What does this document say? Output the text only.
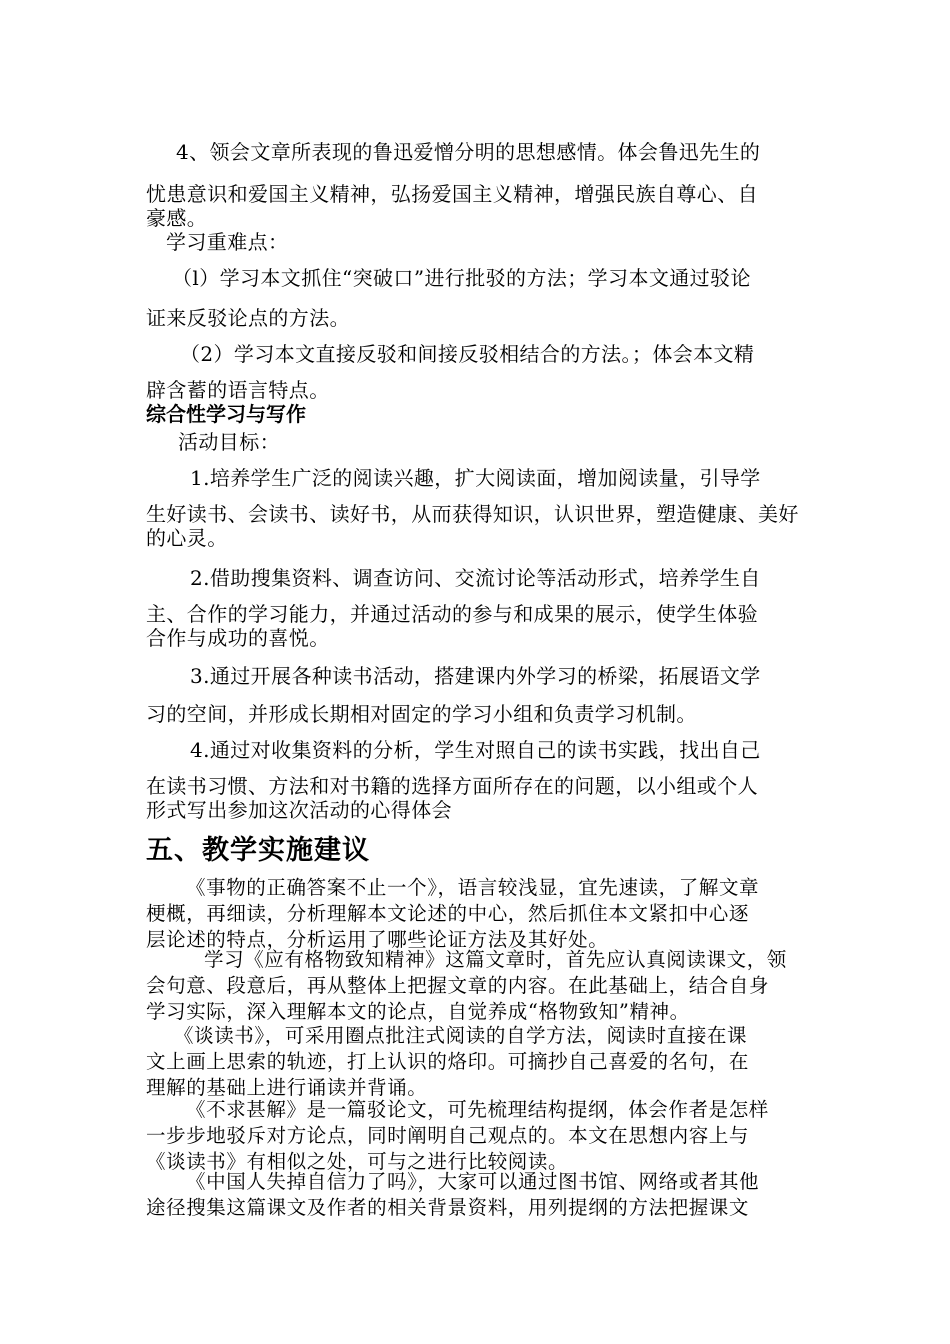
4、领会文章所表现的鲁迅爱憎分明的思想感情。体会鲁迅先生的
忧患意识和爱国主义精神，弘扬爱国主义精神，增强民族自尊心、自
豪感。
学习重难点：
（l）学习本文抓住“突破口”进行批驳的方法；学习本文通过驳论
证来反驳论点的方法。
（2）学习本文直接反驳和间接反驳相结合的方法。；体会本文精
辟含蓄的语言特点。
综合性学习与写作
活动目标：
1.培养学生广泛的阅读兴趣，扩大阅读面，增加阅读量，引导学
生好读书、会读书、读好书，从而获得知识，认识世界，塑造健康、美好
的心灵。
2.借助搜集资料、调查访问、交流讨论等活动形式，培养学生自
主、合作的学习能力，并通过活动的参与和成果的展示，使学生体验
合作与成功的喜悦。
3.通过开展各种读书活动，搭建课内外学习的桥梁，拓展语文学
习的空间，并形成长期相对固定的学习小组和负责学习机制。
4.通过对收集资料的分析，学生对照自己的读书实践，找出自己
在读书习惯、方法和对书籍的选择方面所存在的问题，以小组或个人
形式写出参加这次活动的心得体会
五、教学实施建议
《事物的正确答案不止一个》，语言较浅显，宜先速读，了解文章
梗概，再细读，分析理解本文论述的中心，然后抓住本文紧扣中心逐
层论述的特点，分析运用了哪些论证方法及其好处。
学习《应有格物致知精神》这篇文章时，首先应认真阅读课文，领
会句意、段意后，再从整体上把握文章的内容。在此基础上，结合自身
学习实际，深入理解本文的论点，自觉养成“格物致知”精神。
《谈读书》，可采用圈点批注式阅读的自学方法，阅读时直接在课
文上画上思索的轨迹，打上认识的烙印。可摘抄自己喜爱的名句，在
理解的基础上进行诵读并背诵。
《不求甚解》是一篇驳论文，可先梳理结构提纲，体会作者是怎样
一步步地驳斥对方论点，同时阐明自己观点的。本文在思想内容上与
《谈读书》有相似之处，可与之进行比较阅读。
《中国人失掉自信力了吗》，大家可以通过图书馆、网络或者其他
途径搜集这篇课文及作者的相关背景资料，用列提纲的方法把握课文
